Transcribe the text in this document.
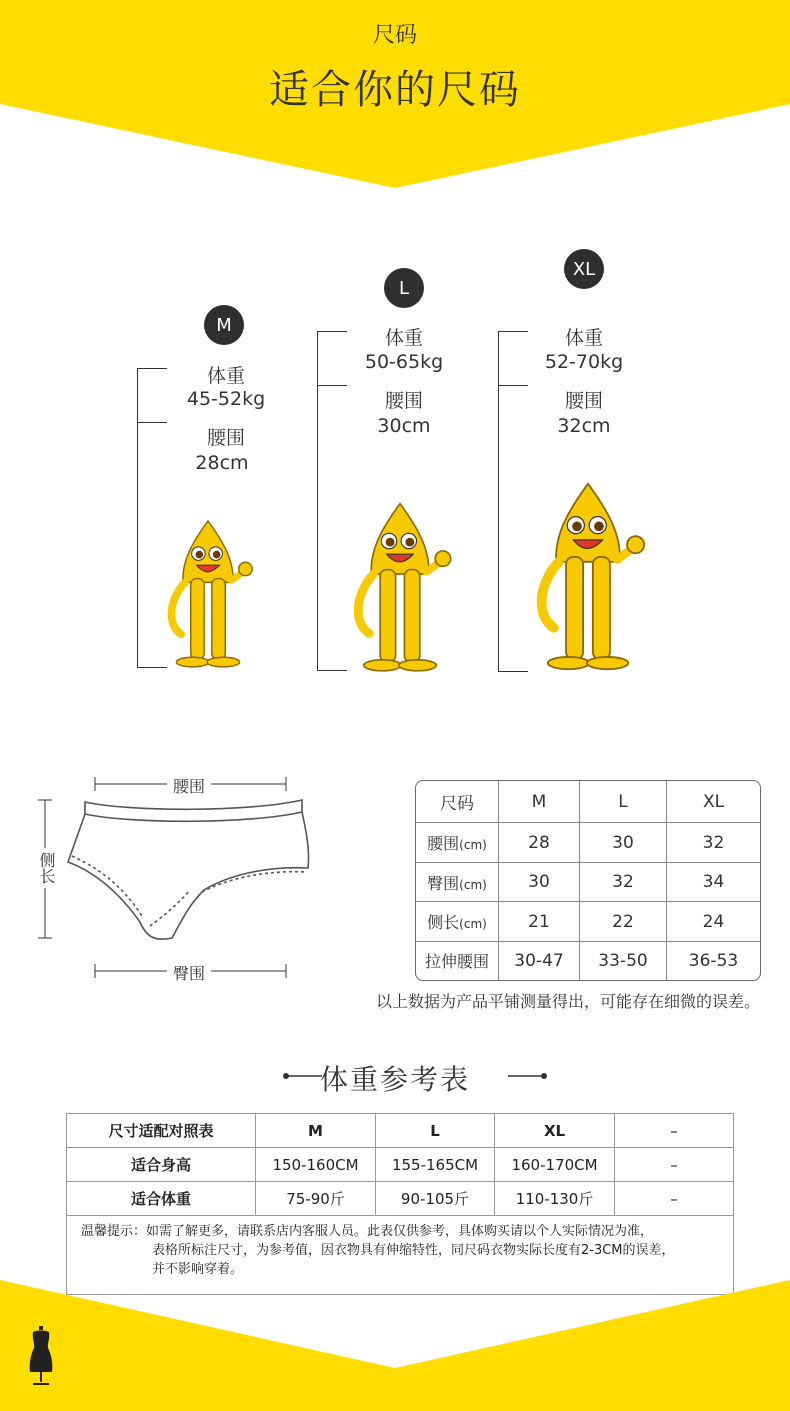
尺码
适合你的尺码
M
体重
45-52kg
腰围
28cm
L
体重
50-65kg
腰围
30cm
XL
体重
52-70kg
腰围
32cm
腰围
侧长
臀围
尺码	M	L	XL
腰围(cm)	28	30	32
臀围(cm)	30	32	34
侧长(cm)	21	22	24
拉伸腰围	30-47	33-50	36-53
以上数据为产品平铺测量得出，可能存在细微的误差。
体重参考表
尺寸适配对照表	M	L	XL	–
适合身高	150-160CM	155-165CM	160-170CM	–
适合体重	75-90斤	90-105斤	110-130斤	–

温馨提示：如需了解更多，请联系店内客服人员。此表仅供参考，具体购买请以个人实际情况为准，
表格所标注尺寸，为参考值，因衣物具有伸缩特性，同尺码衣物实际长度有2-3CM的误差，
并不影响穿着。				
